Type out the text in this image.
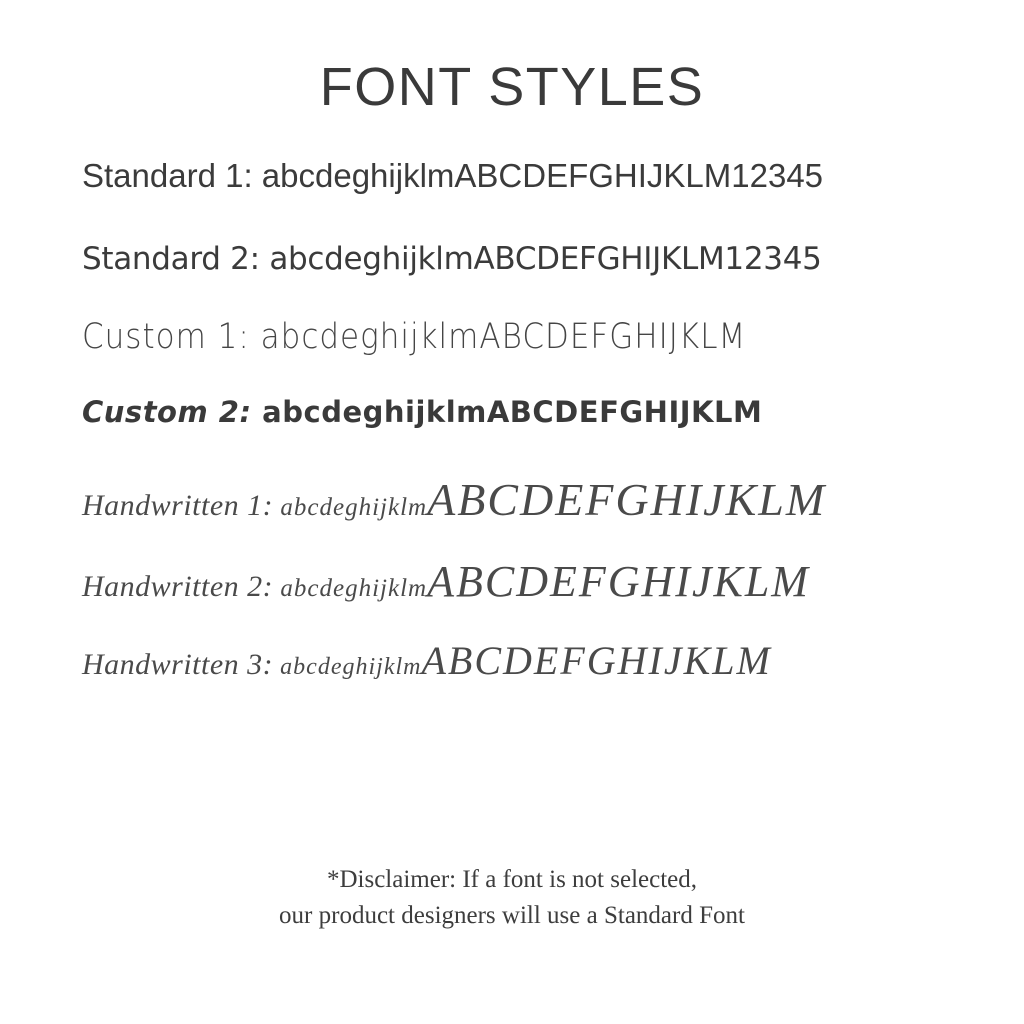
FONT STYLES
Standard 1: abcdeghijklmABCDEFGHIJKLM12345
Standard 2: abcdeghijklmABCDEFGHIJKLM12345
Custom 1: abcdeghijklmABCDEFGHIJKLM
Custom 2: abcdeghijklmABCDEFGHIJKLM
Handwritten 1: abcdeghijklmABCDEFGHIJKLM
Handwritten 2: abcdeghijklmABCDEFGHIJKLM
Handwritten 3: abcdeghijklmABCDEFGHIJKLM
*Disclaimer: If a font is not selected,
our product designers will use a Standard Font
